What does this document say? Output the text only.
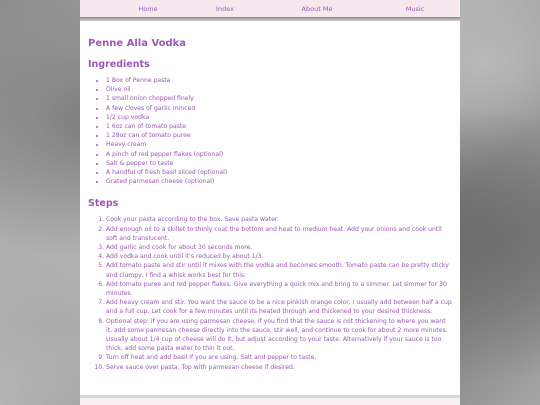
Home	Index	About Me	Music
Penne Alla Vodka
Ingredients
• 1 Box of Penne pasta
• Olive oil
• 1 small onion chopped finely
• A few cloves of garlic minced
• 1/2 cup vodka
• 1 6oz can of tomato paste
• 1 28oz can of tomato puree
• Heavy cream
• A pinch of red pepper flakes (optional)
• Salt & pepper to taste
• A handful of fresh basil sliced (optional)
• Grated parmesan cheese (optional)
Steps
1. Cook your pasta according to the box. Save pasta water.
2. Add enough oil to a skillet to thinly coat the bottom and heat to medium heat. Add your onions and cook until soft and translucent.
3. Add garlic and cook for about 30 seconds more.
4. Add vodka and cook until it's reduced by about 1/3.
5. Add tomato paste and stir until it mixes with the vodka and becomes smooth. Tomato paste can be pretty sticky and clumpy, I find a whisk works best for this.
6. Add tomato puree and red pepper flakes. Give everything a quick mix and bring to a simmer. Let simmer for 30 minutes.
7. Add heavy cream and stir. You want the sauce to be a nice pinkish orange color, I usually add between half a cup and a full cup. Let cook for a few minutes until its heated through and thickened to your desired thickness.
8. Optional step: if you are using parmesan cheese, if you find that the sauce is not thickening to where you want it, add some parmesan cheese directly into the sauce, stir well, and continue to cook for about 2 more minutes. Usually about 1/4 cup of cheese will do it, but adjust according to your taste. Alternatively if your sauce is too thick, add some pasta water to thin it out.
9. Turn off heat and add basil if you are using. Salt and pepper to taste.
10. Serve sauce over pasta. Top with parmesan cheese if desired.
